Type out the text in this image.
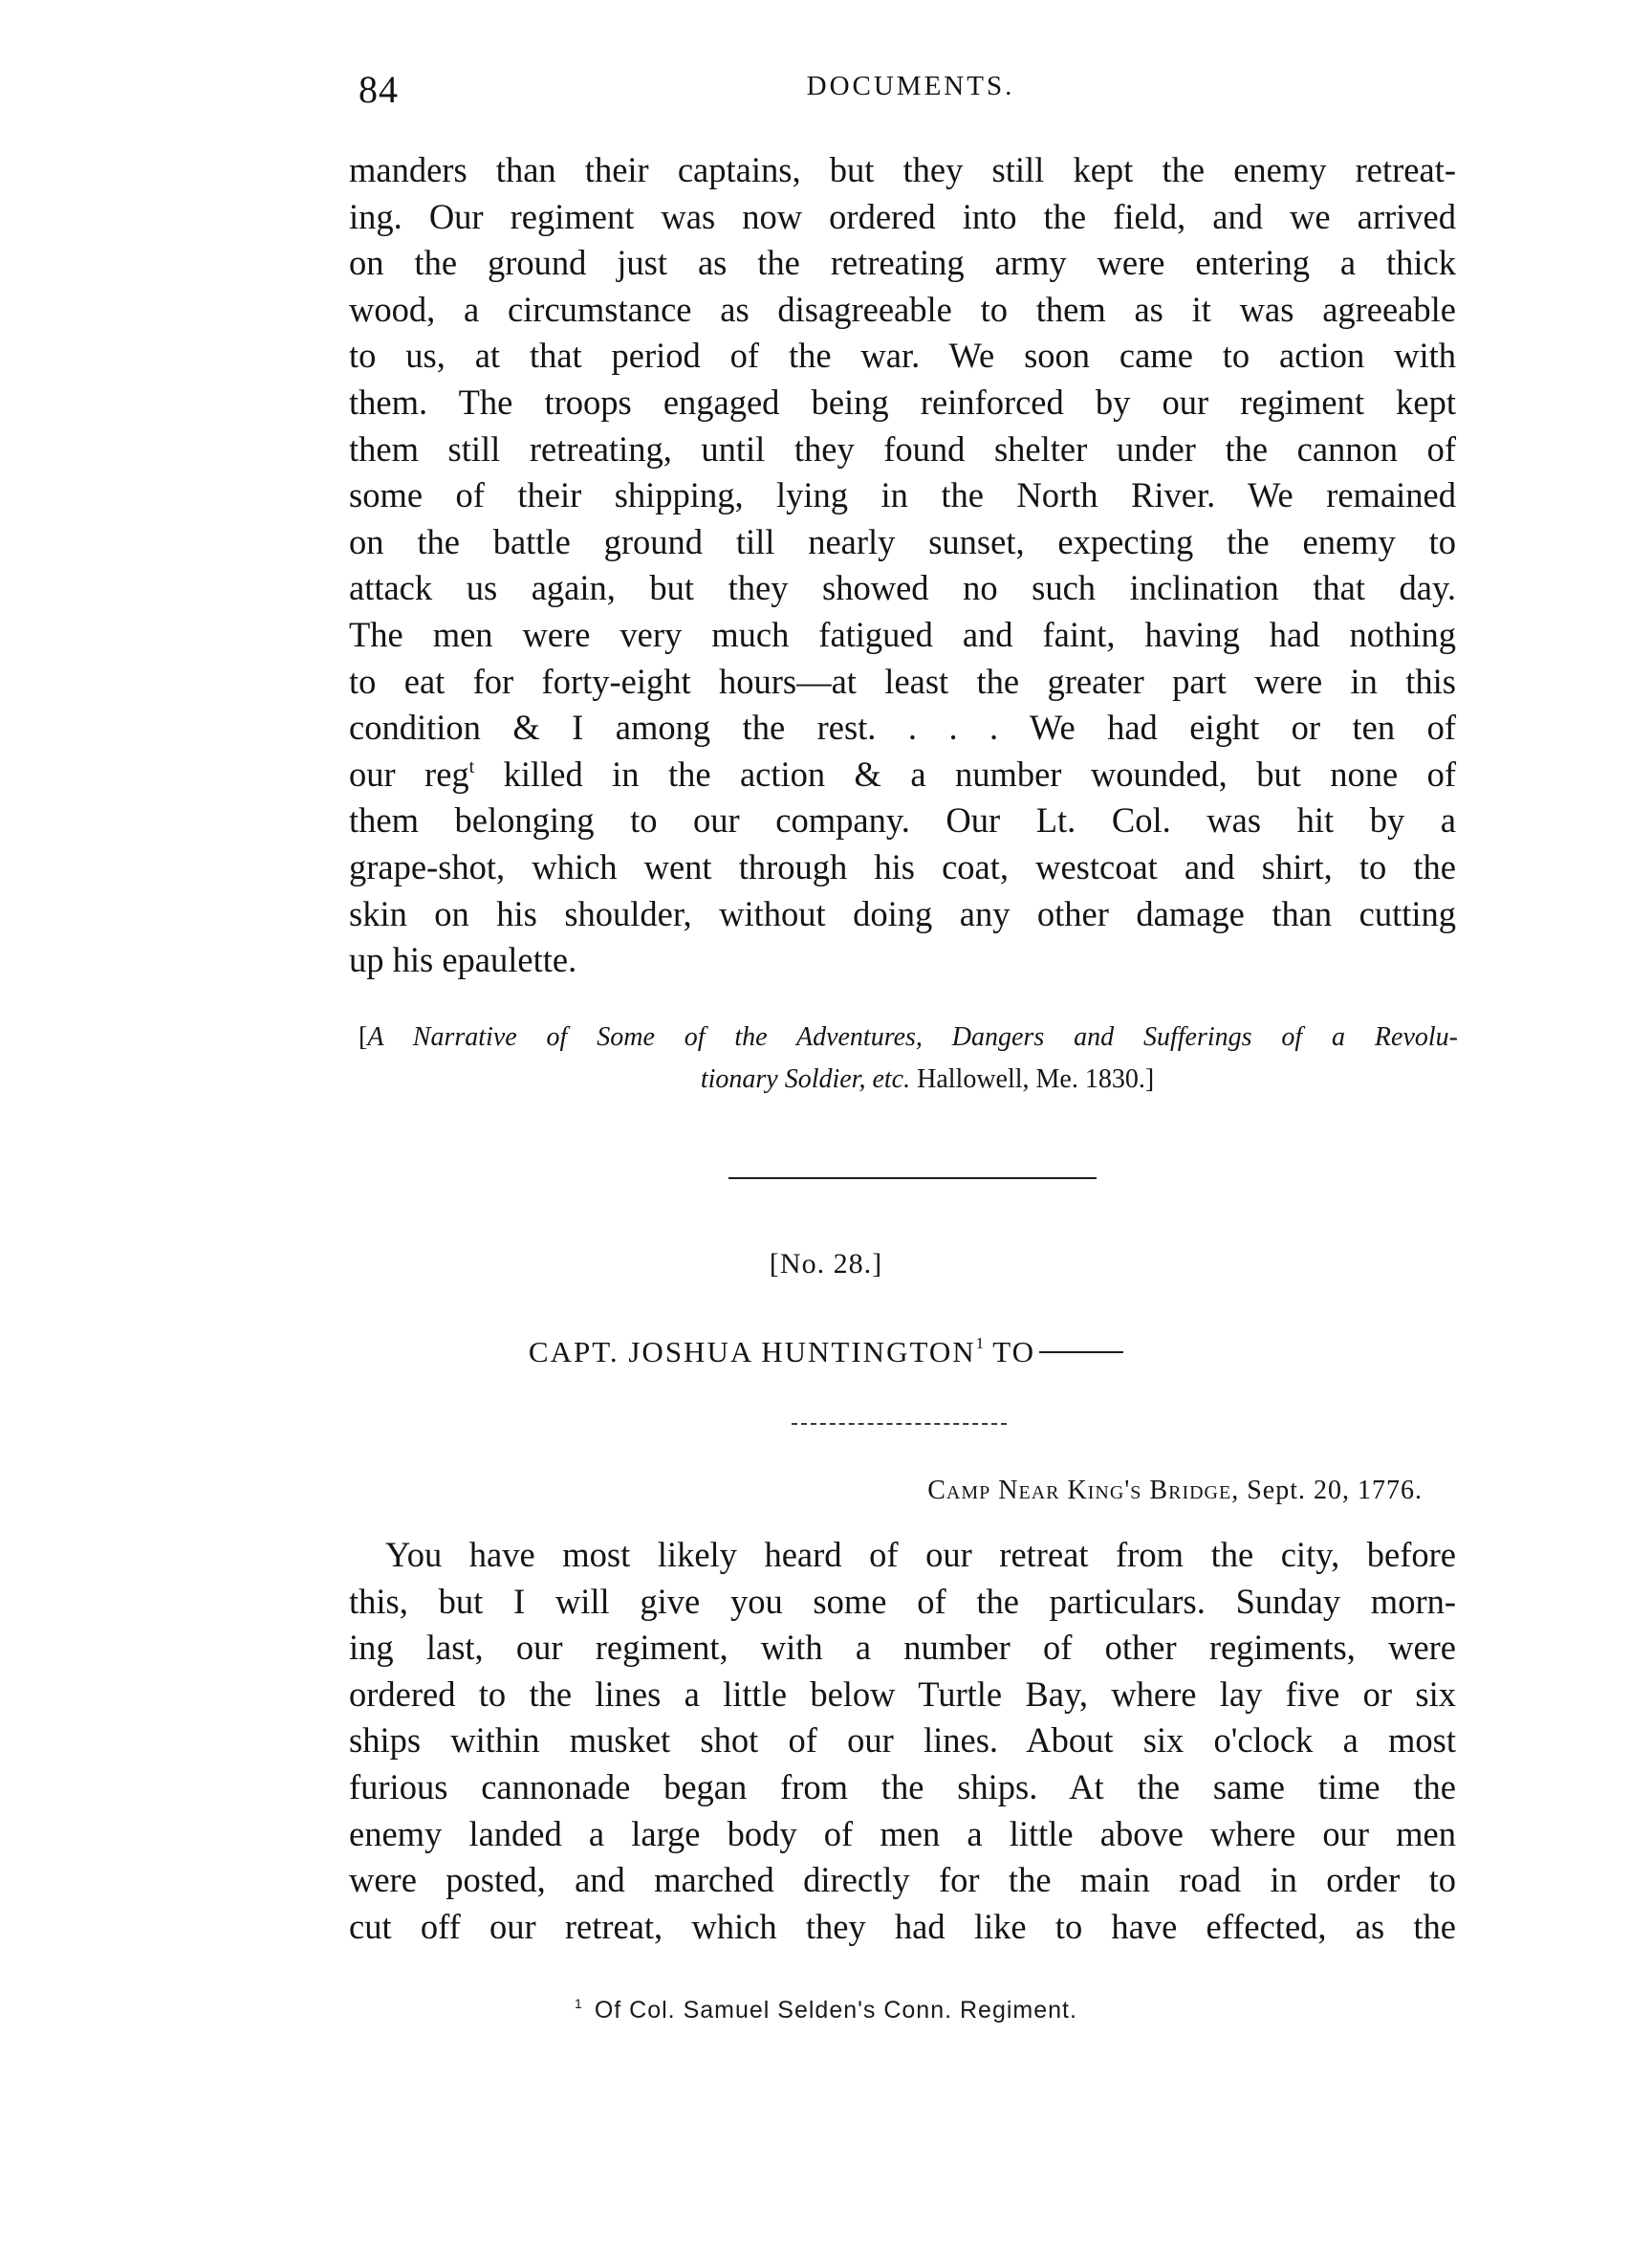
84	DOCUMENTS.
manders than their captains, but they still kept the enemy retreat-
ing. Our regiment was now ordered into the field, and we arrived
on the ground just as the retreating army were entering a thick
wood, a circumstance as disagreeable to them as it was agreeable
to us, at that period of the war. We soon came to action with
them. The troops engaged being reinforced by our regiment kept
them still retreating, until they found shelter under the cannon of
some of their shipping, lying in the North River. We remained
on the battle ground till nearly sunset, expecting the enemy to
attack us again, but they showed no such inclination that day.
The men were very much fatigued and faint, having had nothing
to eat for forty-eight hours—at least the greater part were in this
condition & I among the rest. . . . We had eight or ten of
our reg$^t$ killed in the action & a number wounded, but none of
them belonging to our company. Our Lt. Col. was hit by a
grape-shot, which went through his coat, westcoat and shirt, to the
skin on his shoulder, without doing any other damage than cutting
up his epaulette.
[A Narrative of Some of the Adventures, Dangers and Sufferings of a Revolu-
tionary Soldier, etc. Hallowell, Me. 1830.]
[No. 28.]
CAPT. JOSHUA HUNTINGTON$^1$ TO
Camp Near King's Bridge, Sept. 20, 1776.
You have most likely heard of our retreat from the city, before
this, but I will give you some of the particulars. Sunday morn-
ing last, our regiment, with a number of other regiments, were
ordered to the lines a little below Turtle Bay, where lay five or six
ships within musket shot of our lines. About six o'clock a most
furious cannonade began from the ships. At the same time the
enemy landed a large body of men a little above where our men
were posted, and marched directly for the main road in order to
cut off our retreat, which they had like to have effected, as the
$^1$ Of Col. Samuel Selden's Conn. Regiment.
